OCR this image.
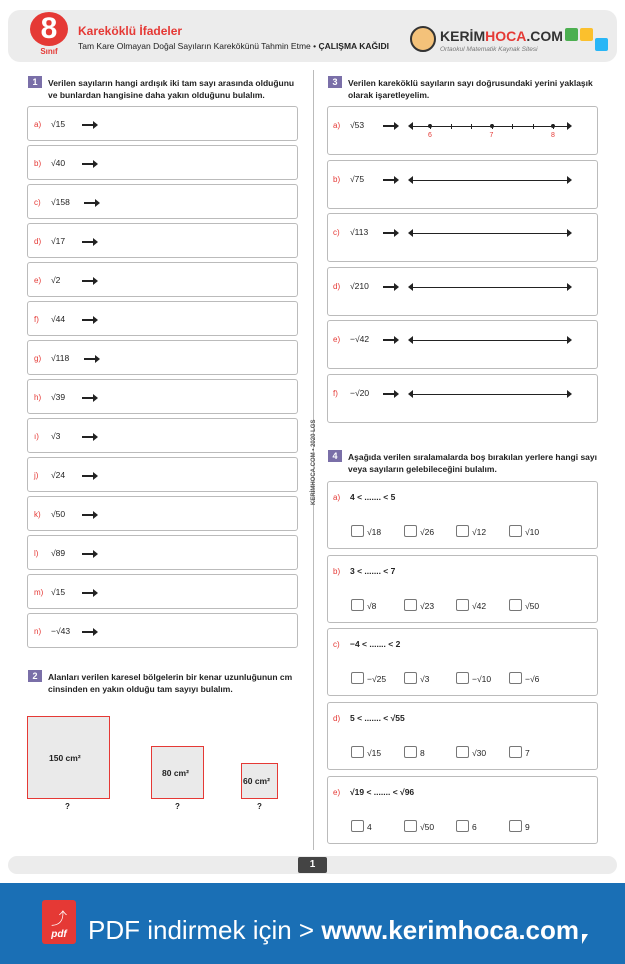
8
Sınıf
Kareköklü İfadeler
Tam Kare Olmayan Doğal Sayıların Karekökünü Tahmin Etme • ÇALIŞMA KAĞIDI
KERİMHOCA.COM
Ortaokul Matematik Kaynak Sitesi
KERİMHOCA.COM • 2020 LGS
1	Verilen sayıların hangi ardışık iki tam sayı arasında olduğunu ve bunlardan hangisine daha yakın olduğunu bulalım.
a) √15
b) √40
c) √158
d) √17
e) √2
f) √44
g) √118
h) √39
ı) √3
j) √24
k) √50
l) √89
m) √15
n) −√43
2	Alanları verilen karesel bölgelerin bir kenar uzunluğunun cm cinsinden en yakın olduğu tam sayıyı bulalım.
150 cm²
?
80 cm²
?
60 cm²
?
3	Verilen kareköklü sayıların sayı doğrusundaki yerini yaklaşık olarak işaretleyelim.
a) √53
6	7	8
b) √75
c) √113
d) √210
e) −√42
f) −√20
4	Aşağıda verilen sıralamalarda boş bırakılan yerlere hangi sayı veya sayıların gelebileceğini bulalım.
a) 4 < ....... < 5
√18	√26	√12	√10
b) 3 < ....... < 7
√8	√23	√42	√50
c) −4 < ....... < 2
−√25	√3	−√10	−√6
d) 5 < ....... < √55
√15	8	√30	7
e) √19 < ....... < √96
4	√50	6	9
1
⤴
pdf PDF indirmek için > www.kerimhoca.com
